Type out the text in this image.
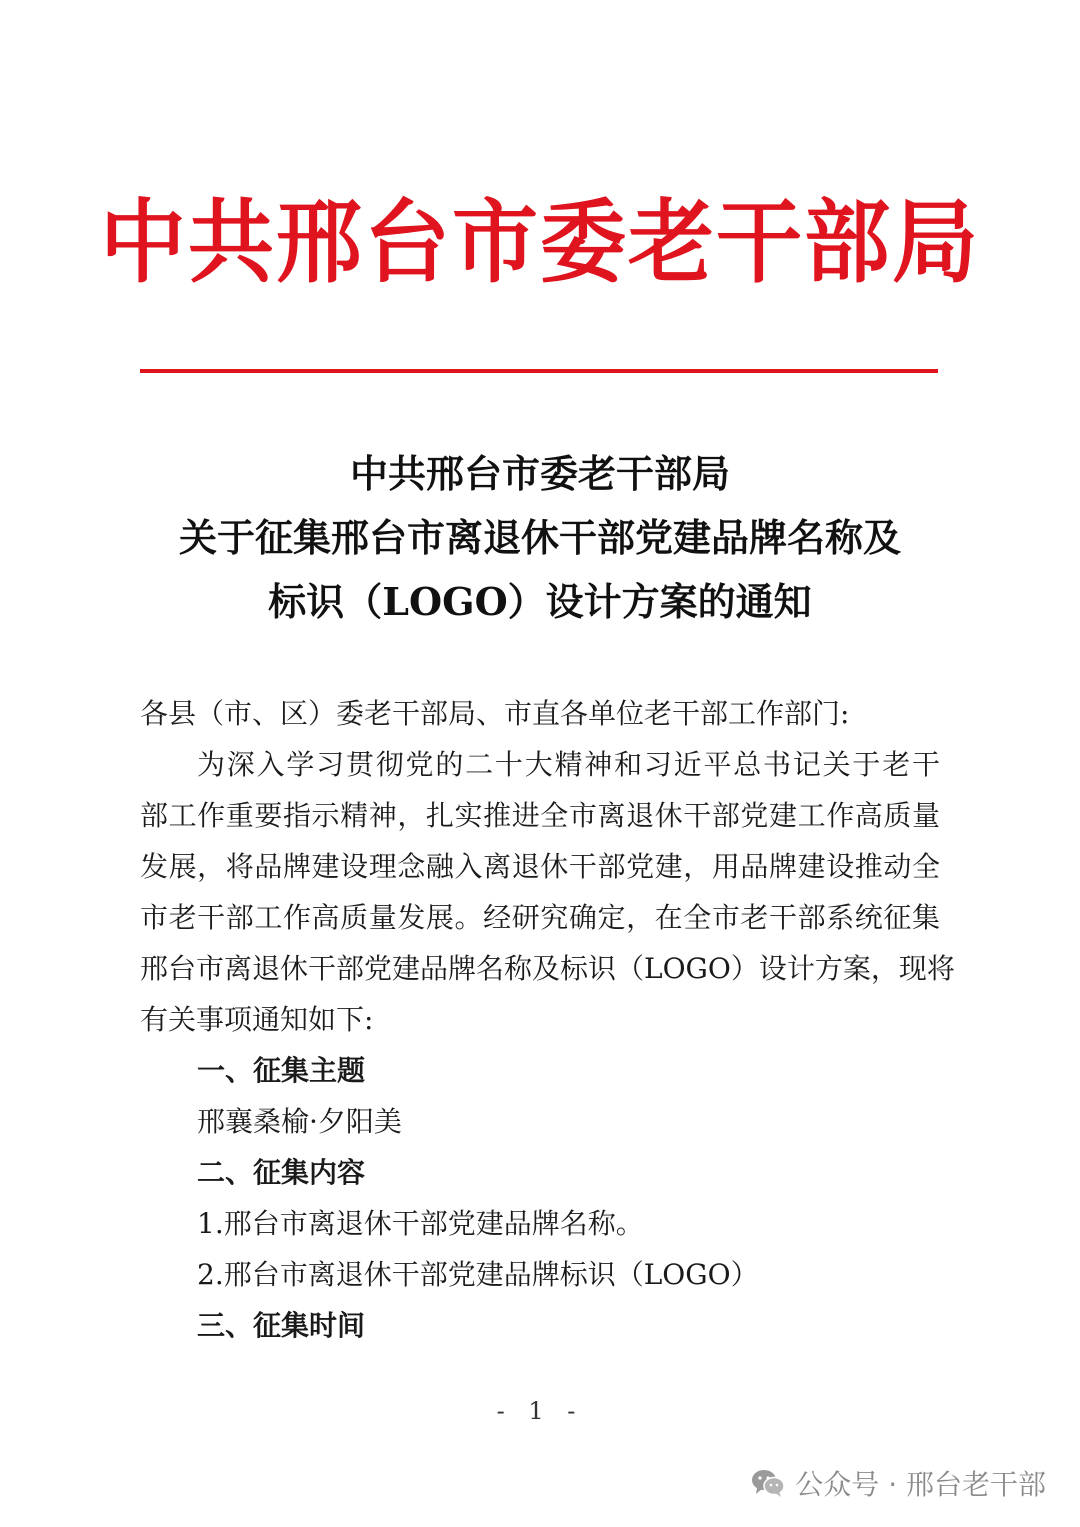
中共邢台市委老干部局
中共邢台市委老干部局
关于征集邢台市离退休干部党建品牌名称及
标识（LOGO）设计方案的通知
各县（市、区）委老干部局、市直各单位老干部工作部门:
为深入学习贯彻党的二十大精神和习近平总书记关于老干
部工作重要指示精神，扎实推进全市离退休干部党建工作高质量
发展，将品牌建设理念融入离退休干部党建，用品牌建设推动全
市老干部工作高质量发展。经研究确定，在全市老干部系统征集
邢台市离退休干部党建品牌名称及标识（LOGO）设计方案，现将
有关事项通知如下:
一、征集主题
邢襄桑榆·夕阳美
二、征集内容
1.邢台市离退休干部党建品牌名称。
2.邢台市离退休干部党建品牌标识（LOGO）
三、征集时间
- 1 -
公众号 · 邢台老干部
